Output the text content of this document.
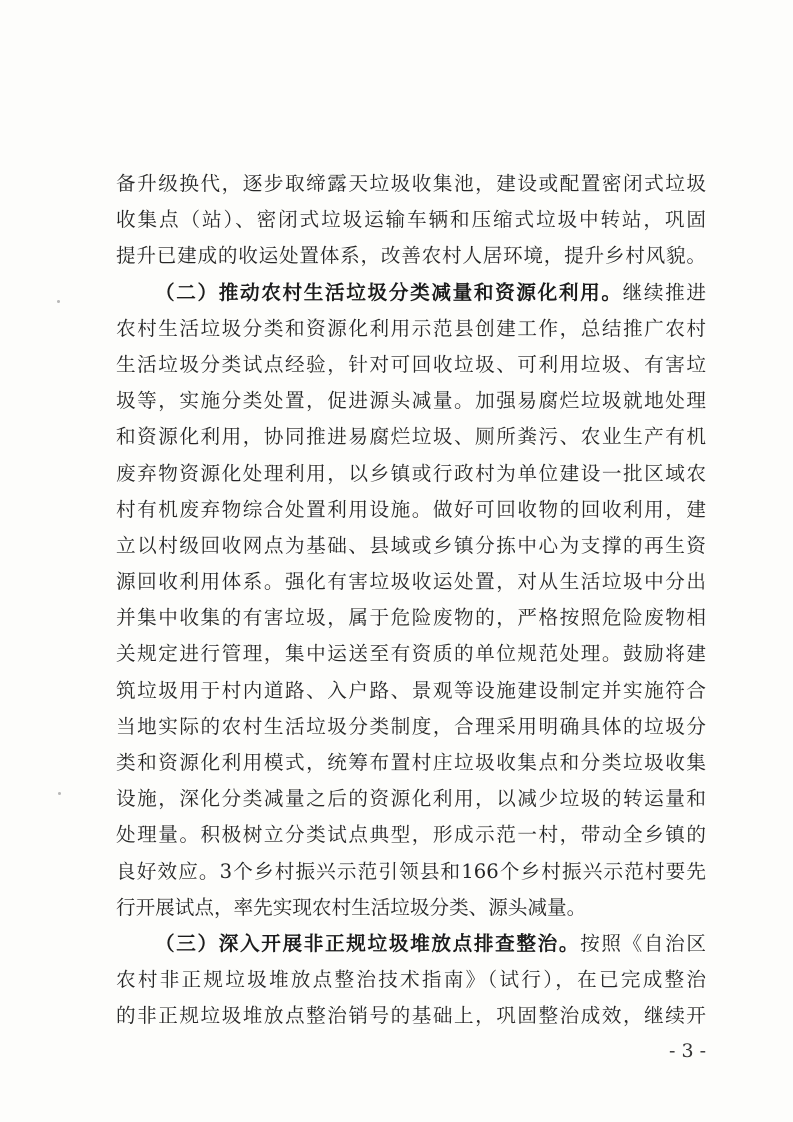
备升级换代，逐步取缔露天垃圾收集池，建设或配置密闭式垃圾
收集点（站）、密闭式垃圾运输车辆和压缩式垃圾中转站，巩固
提升已建成的收运处置体系，改善农村人居环境，提升乡村风貌。
（二）推动农村生活垃圾分类减量和资源化利用。继续推进
农村生活垃圾分类和资源化利用示范县创建工作，总结推广农村
生活垃圾分类试点经验，针对可回收垃圾、可利用垃圾、有害垃
圾等，实施分类处置，促进源头减量。加强易腐烂垃圾就地处理
和资源化利用，协同推进易腐烂垃圾、厕所粪污、农业生产有机
废弃物资源化处理利用，以乡镇或行政村为单位建设一批区域农
村有机废弃物综合处置利用设施。做好可回收物的回收利用，建
立以村级回收网点为基础、县域或乡镇分拣中心为支撑的再生资
源回收利用体系。强化有害垃圾收运处置，对从生活垃圾中分出
并集中收集的有害垃圾，属于危险废物的，严格按照危险废物相
关规定进行管理，集中运送至有资质的单位规范处理。鼓励将建
筑垃圾用于村内道路、入户路、景观等设施建设制定并实施符合
当地实际的农村生活垃圾分类制度，合理采用明确具体的垃圾分
类和资源化利用模式，统筹布置村庄垃圾收集点和分类垃圾收集
设施，深化分类减量之后的资源化利用，以减少垃圾的转运量和
处理量。积极树立分类试点典型，形成示范一村，带动全乡镇的
良好效应。3个乡村振兴示范引领县和166个乡村振兴示范村要先
行开展试点，率先实现农村生活垃圾分类、源头减量。
（三）深入开展非正规垃圾堆放点排查整治。按照《自治区
农村非正规垃圾堆放点整治技术指南》（试行），在已完成整治
的非正规垃圾堆放点整治销号的基础上，巩固整治成效，继续开
- 3 -
